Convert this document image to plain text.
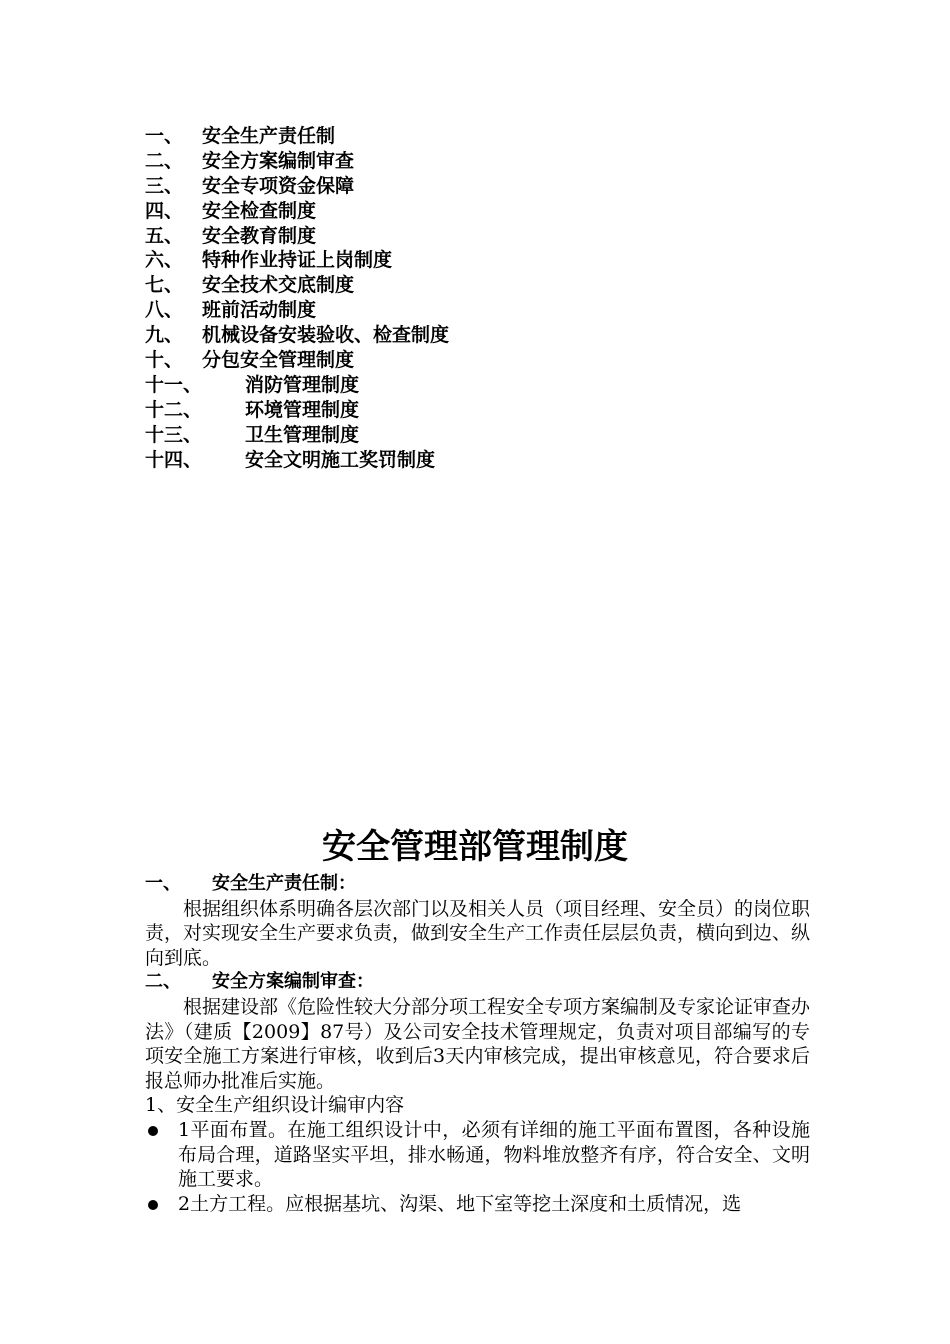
一、 安全生产责任制
二、 安全方案编制审查
三、 安全专项资金保障
四、 安全检查制度
五、 安全教育制度
六、 特种作业持证上岗制度
七、 安全技术交底制度
八、 班前活动制度
九、 机械设备安装验收、检查制度
十、 分包安全管理制度
十一、 消防管理制度
十二、 环境管理制度
十三、 卫生管理制度
十四、 安全文明施工奖罚制度
安全管理部管理制度
一、 安全生产责任制：

根据组织体系明确各层次部门以及相关人员（项目经理、安全员）的岗位职责，对实现安全生产要求负责，做到安全生产工作责任层层负责，横向到边、纵向到底。

二、 安全方案编制审查：

根据建设部《危险性较大分部分项工程安全专项方案编制及专家论证审查办法》（建质【2009】87号）及公司安全技术管理规定，负责对项目部编写的专项安全施工方案进行审核，收到后3天内审核完成，提出审核意见，符合要求后报总师办批准后实施。

1、安全生产组织设计编审内容

1平面布置。在施工组织设计中，必须有详细的施工平面布置图，各种设施布局合理，道路坚实平坦，排水畅通，物料堆放整齐有序，符合安全、文明施工要求。
2土方工程。应根据基坑、沟渠、地下室等挖土深度和土质情况，选
